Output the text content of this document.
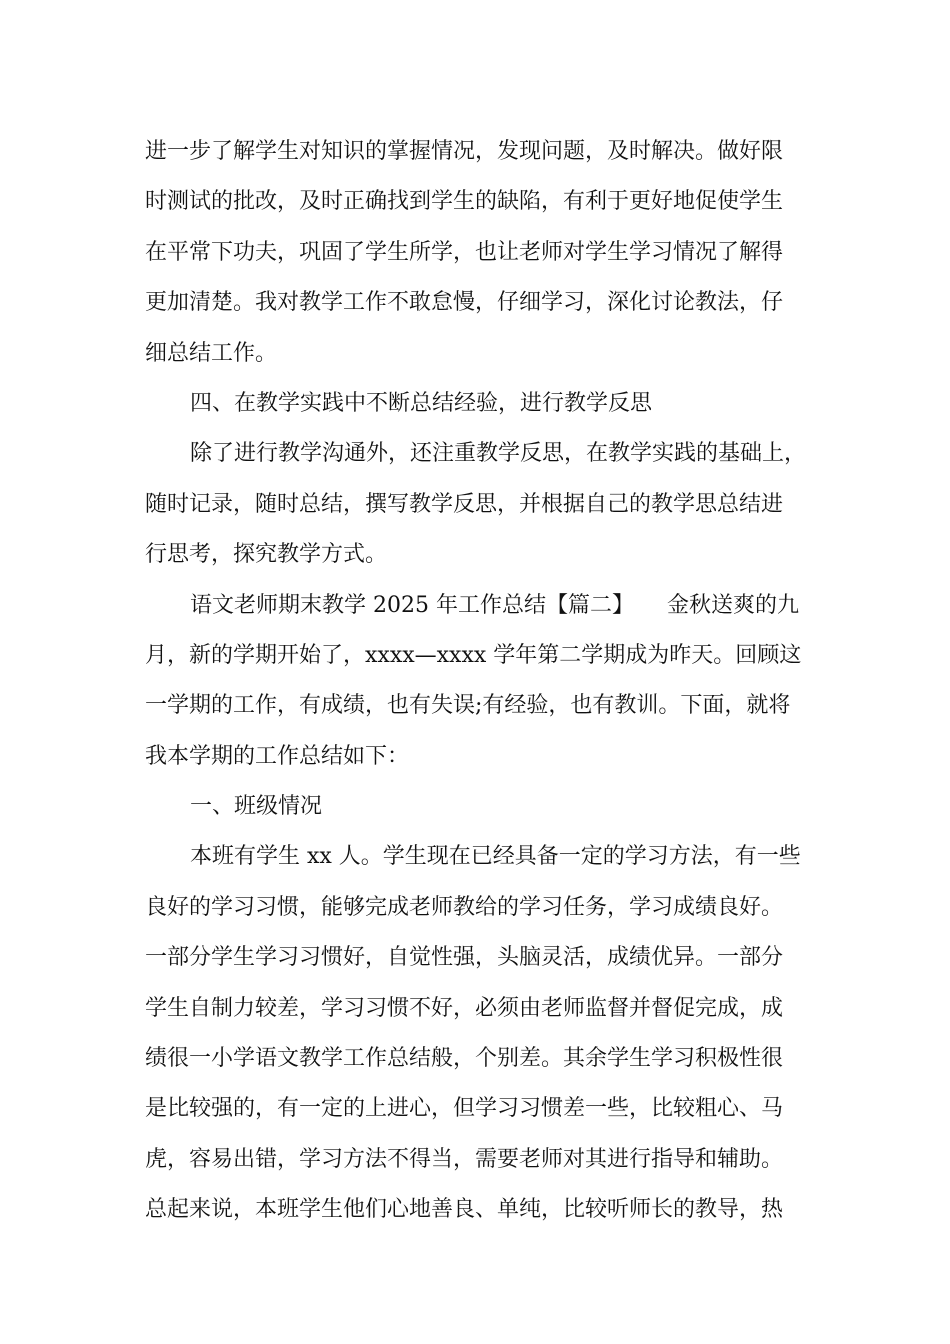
进一步了解学生对知识的掌握情况，发现问题，及时解决。做好限
时测试的批改，及时正确找到学生的缺陷，有利于更好地促使学生
在平常下功夫，巩固了学生所学，也让老师对学生学习情况了解得
更加清楚。我对教学工作不敢怠慢，仔细学习，深化讨论教法，仔
细总结工作。
四、在教学实践中不断总结经验，进行教学反思
除了进行教学沟通外，还注重教学反思，在教学实践的基础上，
随时记录，随时总结，撰写教学反思，并根据自己的教学思总结进
行思考，探究教学方式。
语文老师期末教学 2025 年工作总结【篇二】　　金秋送爽的九
月，新的学期开始了，xxxx—xxxx 学年第二学期成为昨天。回顾这
一学期的工作，有成绩，也有失误;有经验，也有教训。下面，就将
我本学期的工作总结如下：
一、班级情况
本班有学生 xx 人。学生现在已经具备一定的学习方法，有一些
良好的学习习惯，能够完成老师教给的学习任务，学习成绩良好。
一部分学生学习习惯好，自觉性强，头脑灵活，成绩优异。一部分
学生自制力较差，学习习惯不好，必须由老师监督并督促完成，成
绩很一小学语文教学工作总结般，个别差。其余学生学习积极性很
是比较强的，有一定的上进心，但学习习惯差一些，比较粗心、马
虎，容易出错，学习方法不得当，需要老师对其进行指导和辅助。
总起来说，本班学生他们心地善良、单纯，比较听师长的教导，热
